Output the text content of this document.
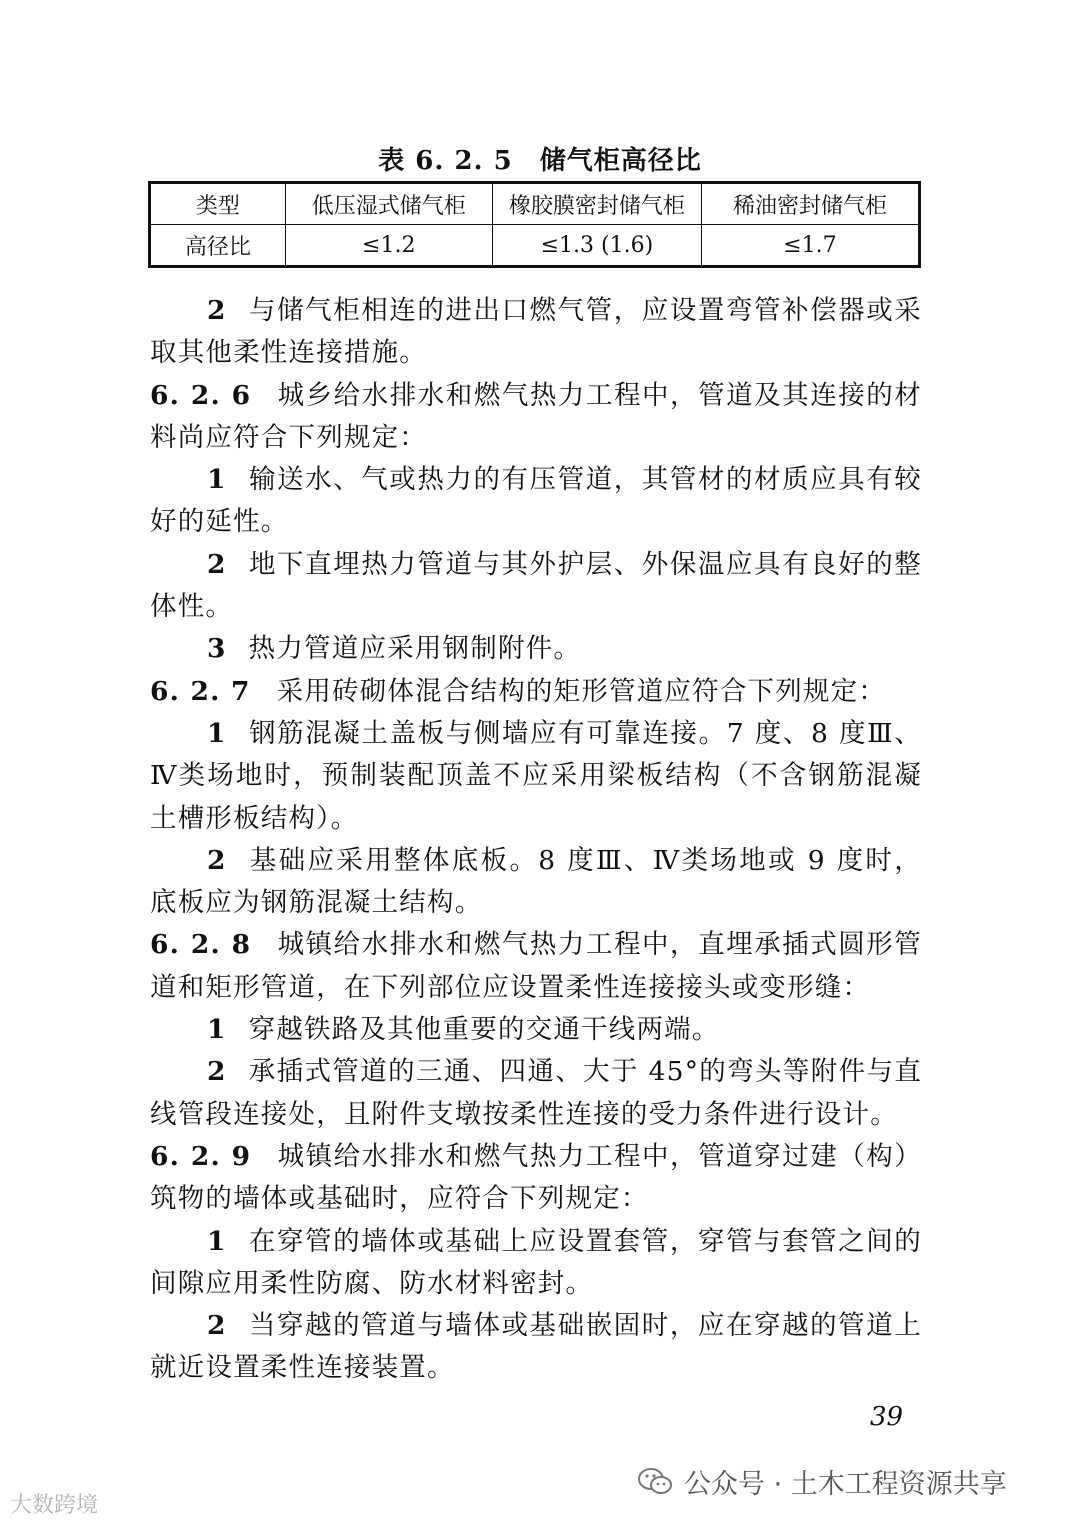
表 6. 2. 5　储气柜高径比
类型	低压湿式储气柜	橡胶膜密封储气柜	稀油密封储气柜
高径比	≤1.2	≤1.3 (1.6)	≤1.7

2 与储气柜相连的进出口燃气管，应设置弯管补偿器或采取其他柔性连接措施。

6. 2. 6 城乡给水排水和燃气热力工程中，管道及其连接的材料尚应符合下列规定：

1 输送水、气或热力的有压管道，其管材的材质应具有较好的延性。

2 地下直埋热力管道与其外护层、外保温应具有良好的整体性。

3 热力管道应采用钢制附件。

6. 2. 7 采用砖砌体混合结构的矩形管道应符合下列规定：

1 钢筋混凝土盖板与侧墙应有可靠连接。7 度、8 度Ⅲ、Ⅳ类场地时，预制装配顶盖不应采用梁板结构（不含钢筋混凝土槽形板结构）。

2 基础应采用整体底板。8 度Ⅲ、Ⅳ类场地或 9 度时，底板应为钢筋混凝土结构。

6. 2. 8 城镇给水排水和燃气热力工程中，直埋承插式圆形管道和矩形管道，在下列部位应设置柔性连接接头或变形缝：

1 穿越铁路及其他重要的交通干线两端。

2 承插式管道的三通、四通、大于 45°的弯头等附件与直线管段连接处，且附件支墩按柔性连接的受力条件进行设计。

6. 2. 9 城镇给水排水和燃气热力工程中，管道穿过建（构）筑物的墙体或基础时，应符合下列规定：

1 在穿管的墙体或基础上应设置套管，穿管与套管之间的间隙应用柔性防腐、防水材料密封。

2 当穿越的管道与墙体或基础嵌固时，应在穿越的管道上就近设置柔性连接装置。

39
大数跨境
公众号 · 土木工程资源共享
